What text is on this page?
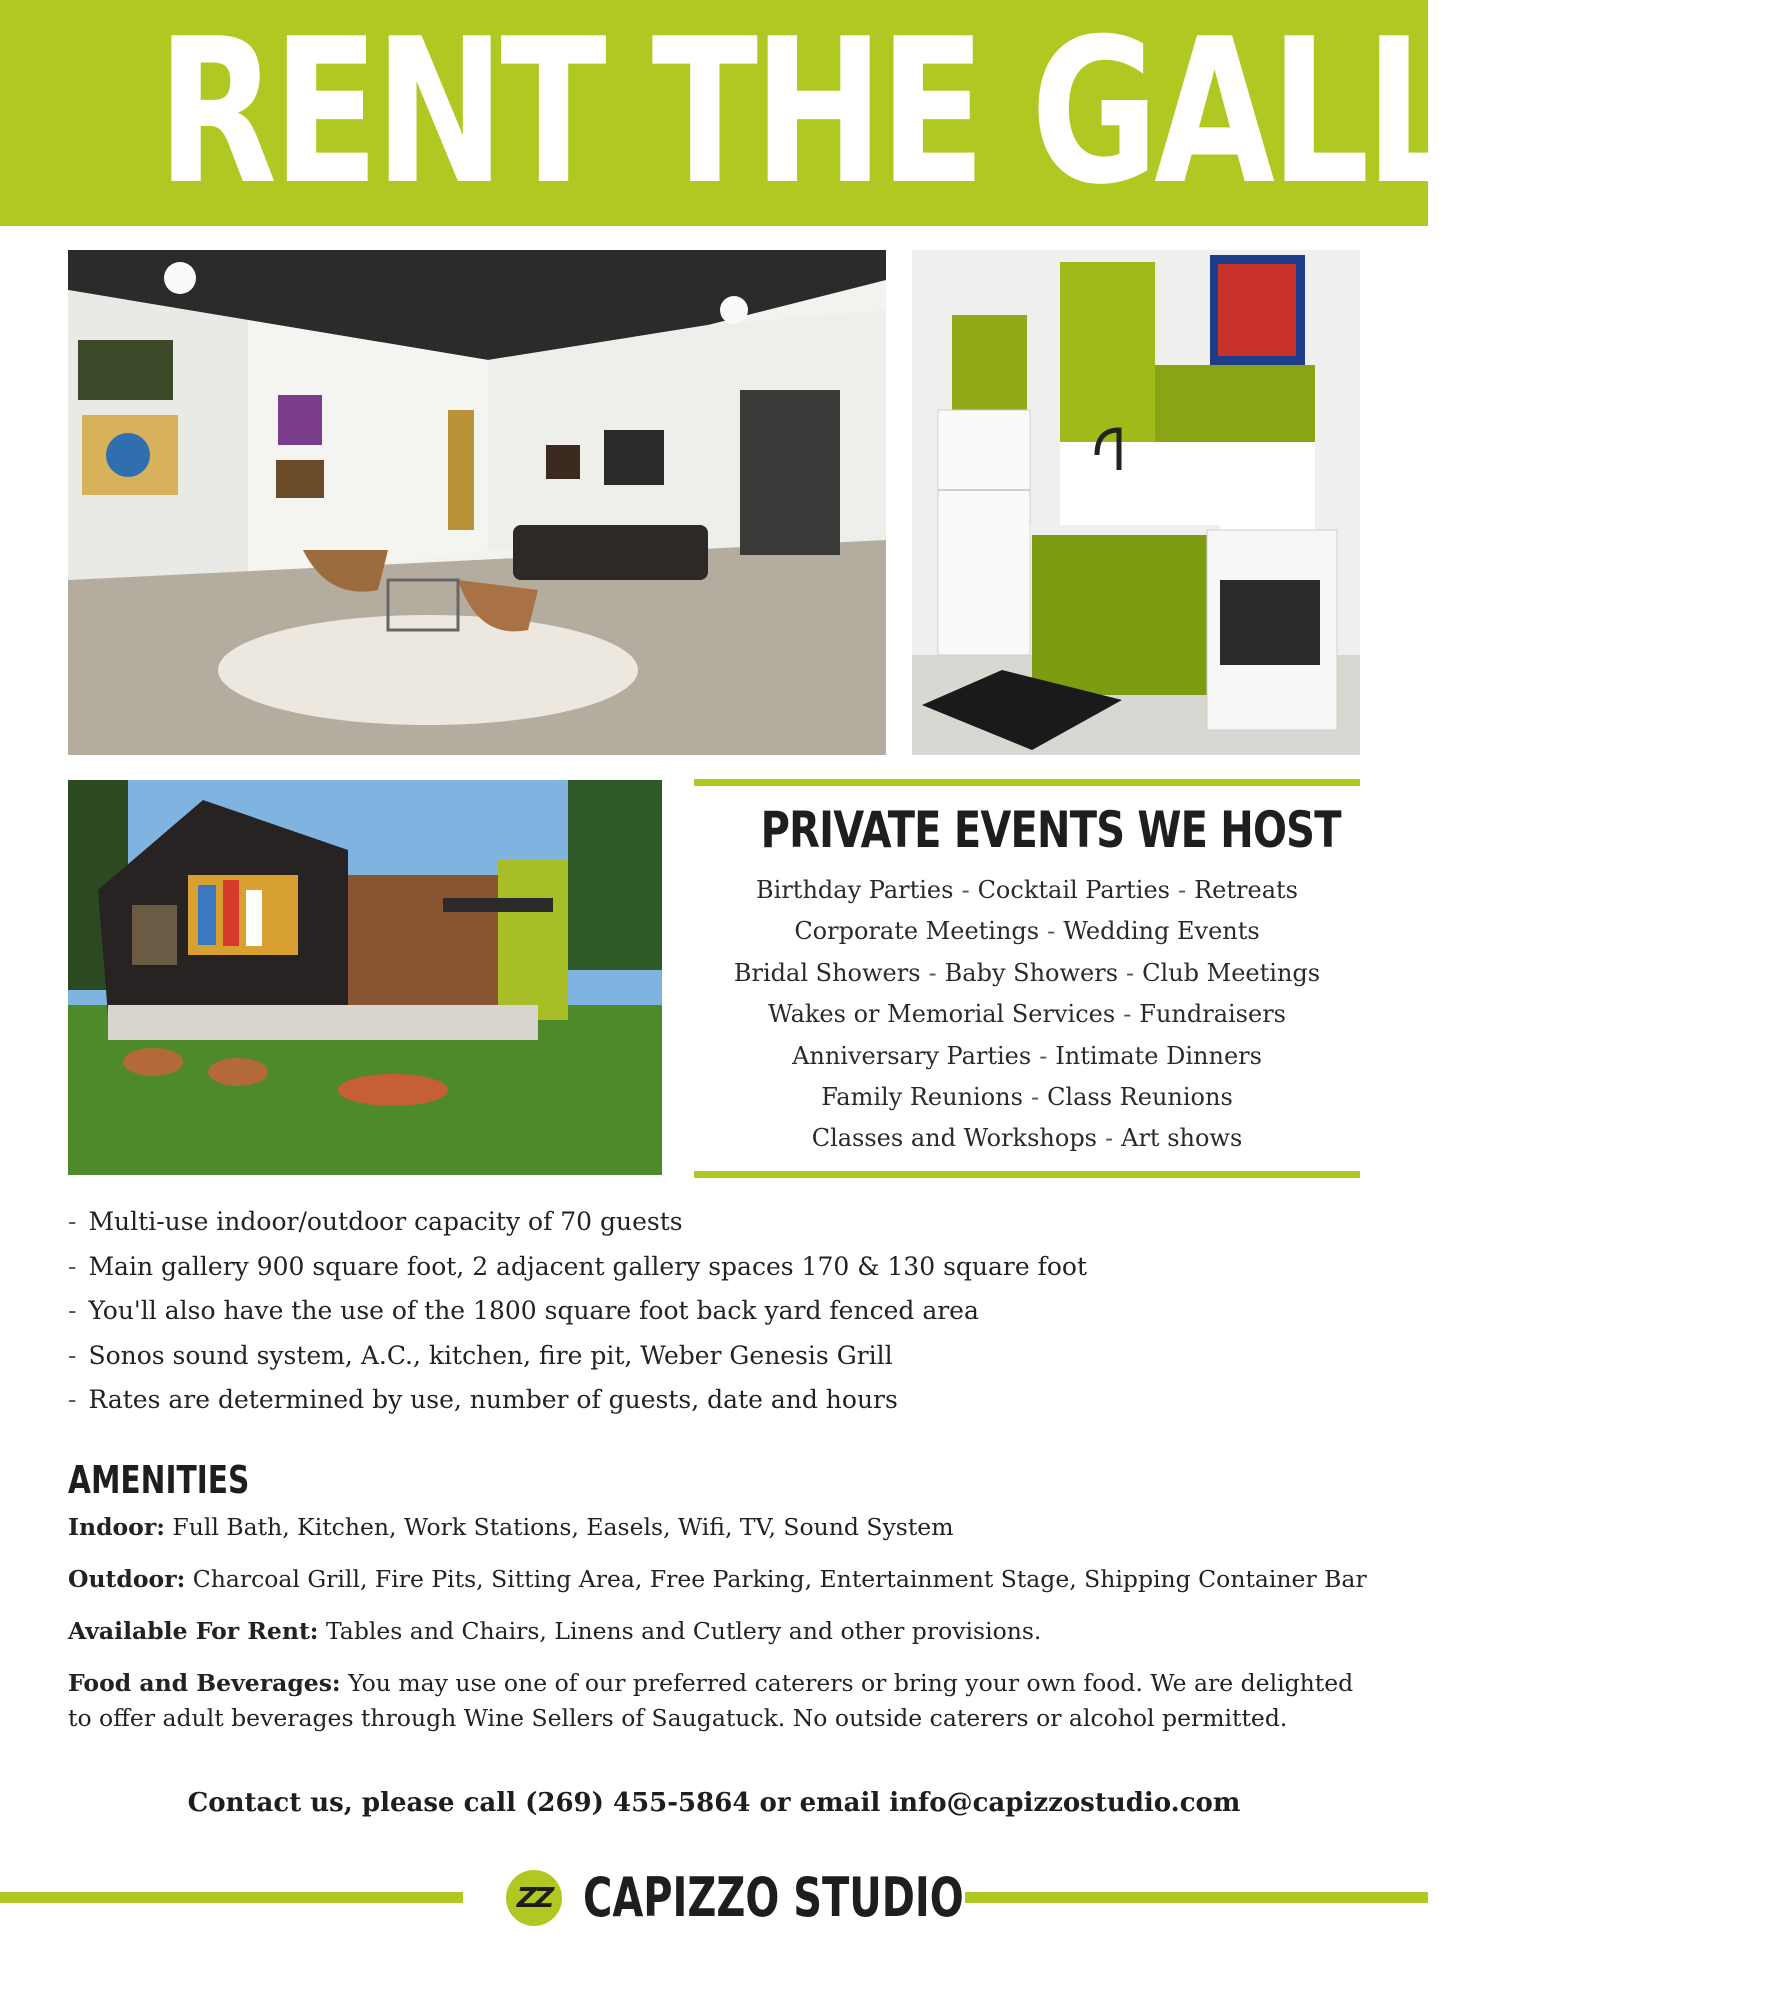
RENT THE GALLERY
PRIVATE EVENTS WE HOST
Birthday Parties - Cocktail Parties - Retreats
Corporate Meetings - Wedding Events
Bridal Showers - Baby Showers - Club Meetings
Wakes or Memorial Services - Fundraisers
Anniversary Parties - Intimate Dinners
Family Reunions - Class Reunions
Classes and Workshops - Art shows
- Multi-use indoor/outdoor capacity of 70 guests
- Main gallery 900 square foot, 2 adjacent gallery spaces 170 & 130 square foot
- You'll also have the use of the 1800 square foot back yard fenced area
- Sonos sound system, A.C., kitchen, fire pit, Weber Genesis Grill
- Rates are determined by use, number of guests, date and hours
AMENITIES
Indoor: Full Bath, Kitchen, Work Stations, Easels, Wifi, TV, Sound System
Outdoor: Charcoal Grill, Fire Pits, Sitting Area, Free Parking, Entertainment Stage, Shipping Container Bar
Available For Rent: Tables and Chairs, Linens and Cutlery and other provisions.
Food and Beverages: You may use one of our preferred caterers or bring your own food. We are delighted to offer adult beverages through Wine Sellers of Saugatuck. No outside caterers or alcohol permitted.
Contact us, please call (269) 455-5864 or email info@capizzostudio.com
ZZ CAPIZZO STUDIO
